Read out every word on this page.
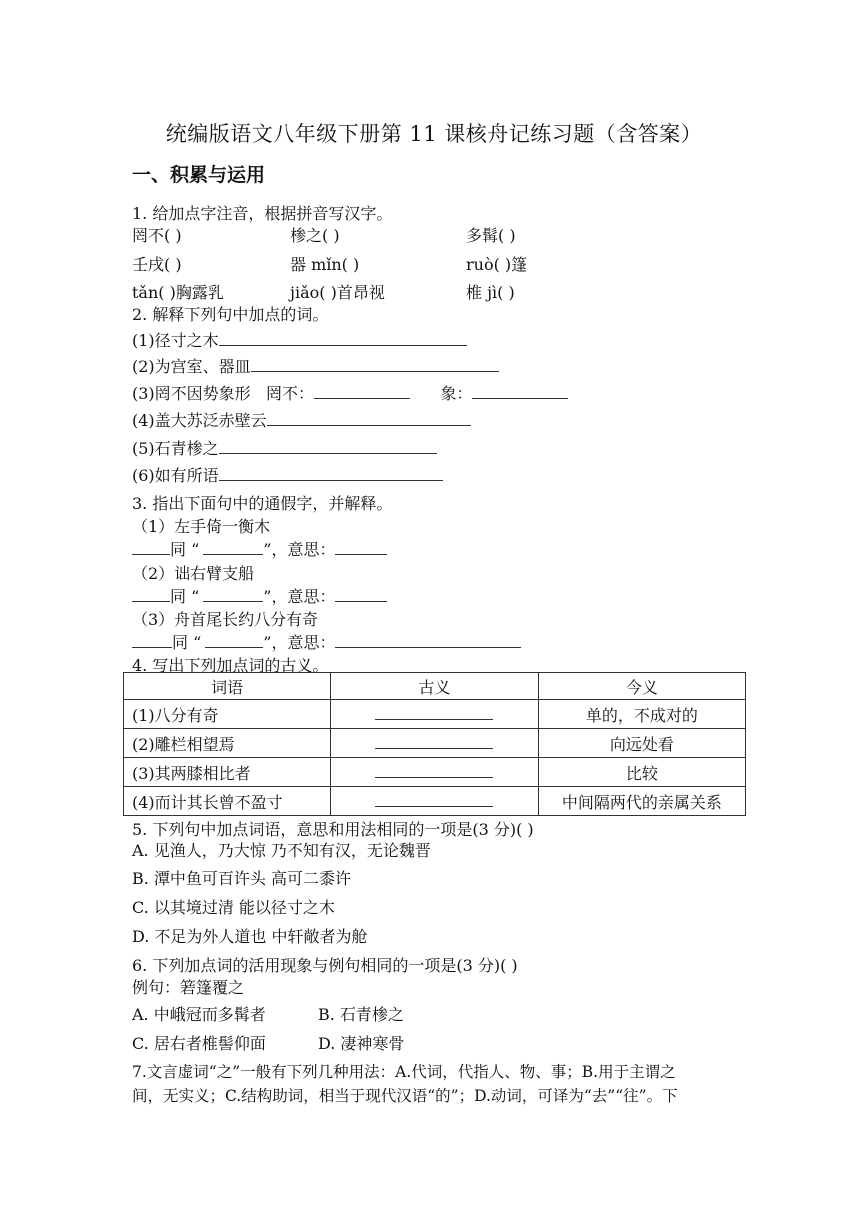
统编版语文八年级下册第 11 课核舟记练习题（含答案）
一、积累与运用
1. 给加点字注音，根据拼音写汉字。
罔不( )	椮之( )	多髯( )
壬戌( )	器 mǐn( )	ruò( )篷
tǎn( )胸露乳	jiǎo( )首昂视	椎 jì( )
2. 解释下列句中加点的词。
(1)径寸之木
(2)为宫室、器皿
(3)罔不因势象形 罔不：	象：
(4)盖大苏泛赤壁云
(5)石青椮之
(6)如有所语
3. 指出下面句中的通假字，并解释。
（1）左手倚一衡木
同 “	”，意思：
（2）诎右臂支船
同 “	”，意思：
（3）舟首尾长约八分有奇
同 “	”，意思：
4. 写出下列加点词的古义。
词语	古义	今义
(1)八分有奇		单的，不成对的
(2)雕栏相望焉		向远处看
(3)其两膝相比者		比较
(4)而计其长曾不盈寸		中间隔两代的亲属关系
5. 下列句中加点词语，意思和用法相同的一项是(3 分)( )
A. 见渔人，乃大惊 乃不知有汉，无论魏晋
B. 潭中鱼可百许头 高可二黍许
C. 以其境过清 能以径寸之木
D. 不足为外人道也 中轩敞者为舱
6. 下列加点词的活用现象与例句相同的一项是(3 分)( )
例句：箬篷覆之
A. 中峨冠而多髯者	B. 石青椮之
C. 居右者椎髻仰面	D. 凄神寒骨
7.文言虚词“之”一般有下列几种用法：A.代词，代指人、物、事；B.用于主谓之
间，无实义；C.结构助词，相当于现代汉语“的”；D.动词，可译为“去”“往”。下
